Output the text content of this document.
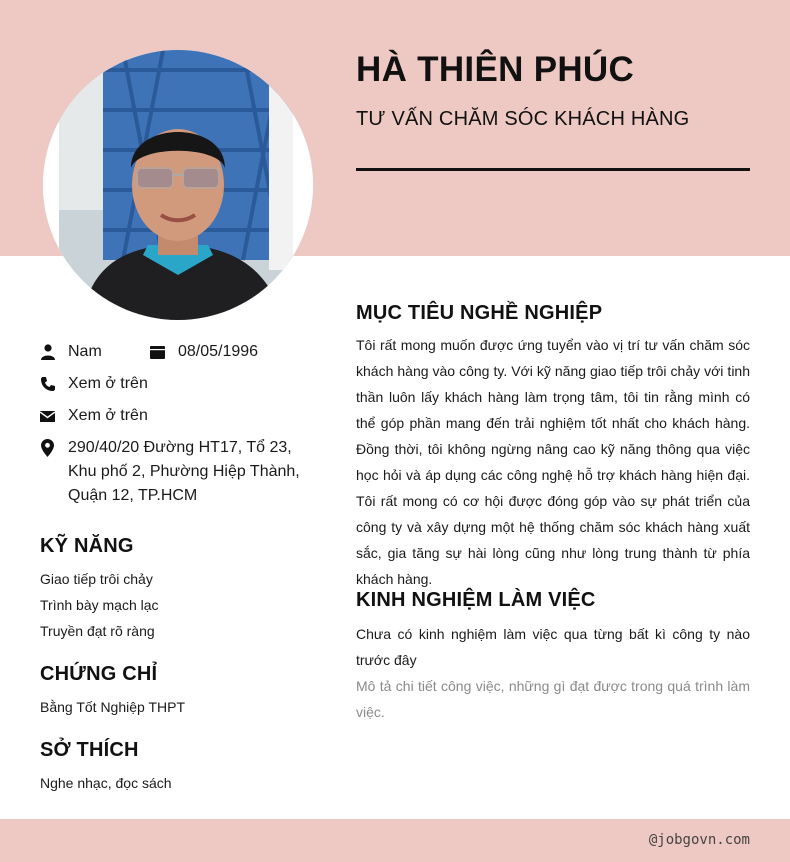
HÀ THIÊN PHÚC
TƯ VẤN CHĂM SÓC KHÁCH HÀNG
Nam	08/05/1996
Xem ở trên
Xem ở trên
290/40/20 Đường HT17, Tổ 23,
Khu phố 2, Phường Hiệp Thành,
Quận 12, TP.HCM
KỸ NĂNG
Giao tiếp trôi chảy
Trình bày mạch lạc
Truyền đạt rõ ràng
CHỨNG CHỈ
Bằng Tốt Nghiệp THPT
SỞ THÍCH
Nghe nhạc, đọc sách
MỤC TIÊU NGHỀ NGHIỆP
Tôi rất mong muốn được ứng tuyển vào vị trí tư vấn chăm sóc khách hàng vào công ty. Với kỹ năng giao tiếp trôi chảy với tinh thần luôn lấy khách hàng làm trọng tâm, tôi tin rằng mình có thể góp phần mang đến trải nghiệm tốt nhất cho khách hàng. Đồng thời, tôi không ngừng nâng cao kỹ năng thông qua việc học hỏi và áp dụng các công nghệ hỗ trợ khách hàng hiện đại. Tôi rất mong có cơ hội được đóng góp vào sự phát triển của công ty và xây dựng một hệ thống chăm sóc khách hàng xuất sắc, gia tăng sự hài lòng cũng như lòng trung thành từ phía khách hàng.
KINH NGHIỆM LÀM VIỆC
Chưa có kinh nghiệm làm việc qua từng bất kì công ty nào trước đây
Mô tả chi tiết công việc, những gì đạt được trong quá trình làm việc.
@jobgovn.com
